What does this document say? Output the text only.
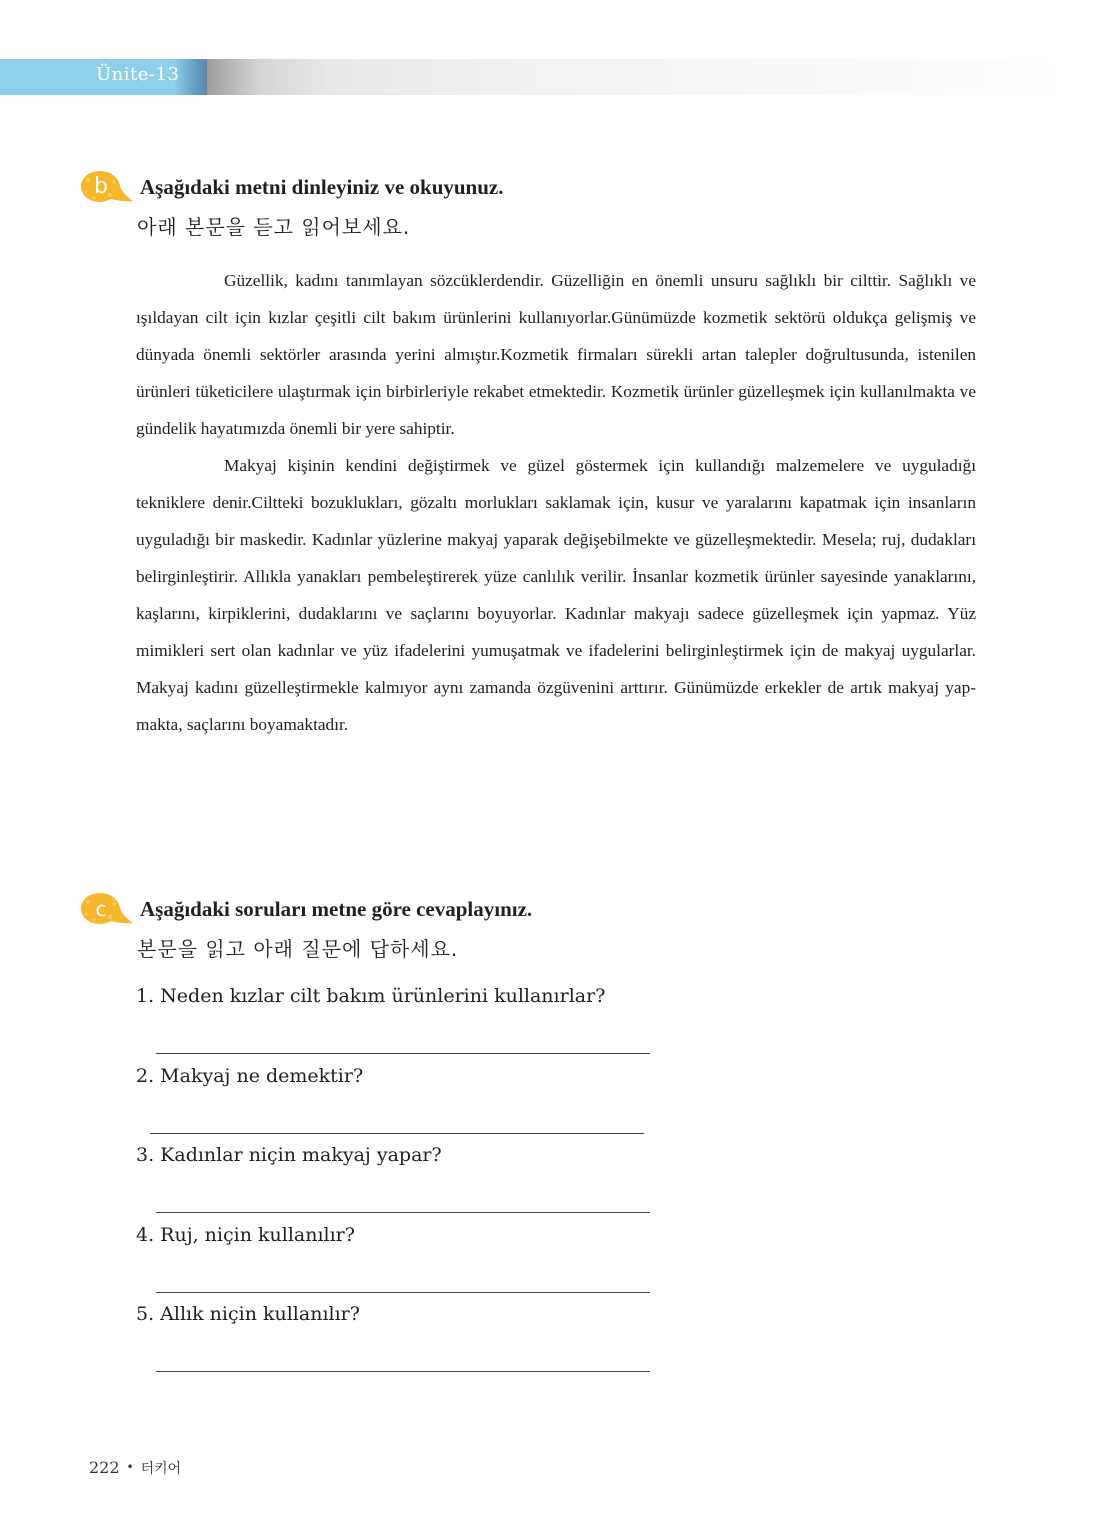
Ünite-13
b	Aşağıdaki metni dinleyiniz ve okuyunuz.
아래 본문을 듣고 읽어보세요.

Güzellik, kadını tanımlayan sözcüklerdendir. Güzelliğin en önemli unsuru sağlıklı bir cilttir. Sağlıklı ve ışıldayan cilt için kızlar çeşitli cilt bakım ürünlerini kullanıyorlar.Günümüzde kozmetik sektörü oldukça gelişmiş ve dünyada önemli sektörler arasında yerini almıştır.Kozmetik firmaları sürekli artan talepler doğrultusunda, istenilen ürünleri tüketicilere ulaştırmak için birbirleriyle rekabet etmektedir. Kozmetik ürünler güzelleşmek için kullanılmakta ve gündelik hayatımızda önemli bir yere sahiptir.

Makyaj kişinin kendini değiştirmek ve güzel göstermek için kullandığı malzemelere ve uyguladığı tekniklere denir.Ciltteki bozuklukları, gözaltı morlukları saklamak için, kusur ve yaralarını kapatmak için insanların uyguladığı bir maskedir. Kadınlar yüzlerine makyaj yaparak değişebilmekte ve güzelleşmektedir. Mesela; ruj, dudakları belirginleştirir. Allıkla yanakları pembeleştirerek yüze canlılık verilir. İnsanlar kozmetik ürünler sayesinde yanaklarını, kaşlarını, kirpiklerini, dudaklarını ve saçlarını boyuyorlar. Kadınlar makyajı sadece güzelleşmek için yapmaz. Yüz mimikleri sert olan kadınlar ve yüz ifadelerini yumuşatmak ve ifadelerini belirginleştirmek için de makyaj uygularlar. Makyaj kadını güzelleştirmekle kalmıyor aynı zamanda özgüvenini arttırır. Günümüzde erkekler de artık makyaj yapmakta, saçlarını boyamaktadır.

c	Aşağıdaki soruları metne göre cevaplayınız.
본문을 읽고 아래 질문에 답하세요.
1. Neden kızlar cilt bakım ürünlerini kullanırlar?
2. Makyaj ne demektir?
3. Kadınlar niçin makyaj yapar?
4. Ruj, niçin kullanılır?
5. Allık niçin kullanılır?
222 • 터키어
